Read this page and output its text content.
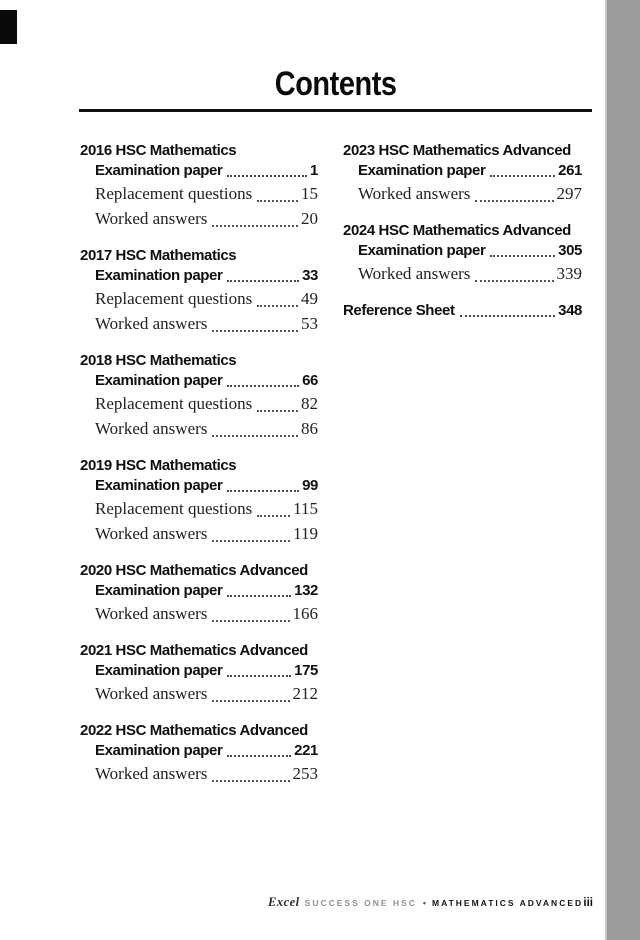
Contents
2016 HSC Mathematics
Examination paper	1
Replacement questions	15
Worked answers	20
2017 HSC Mathematics
Examination paper	33
Replacement questions	49
Worked answers	53
2018 HSC Mathematics
Examination paper	66
Replacement questions	82
Worked answers	86
2019 HSC Mathematics
Examination paper	99
Replacement questions 115
Worked answers	119
2020 HSC Mathematics Advanced
Examination paper	132
Worked answers	166
2021 HSC Mathematics Advanced
Examination paper	175
Worked answers	212
2022 HSC Mathematics Advanced
Examination paper	221
Worked answers	253
2023 HSC Mathematics Advanced
Examination paper	261
Worked answers	297
2024 HSC Mathematics Advanced
Examination paper	305
Worked answers	339
Reference Sheet	348
Excel SUCCESS ONE HSC • MATHEMATICS ADVANCED iii
